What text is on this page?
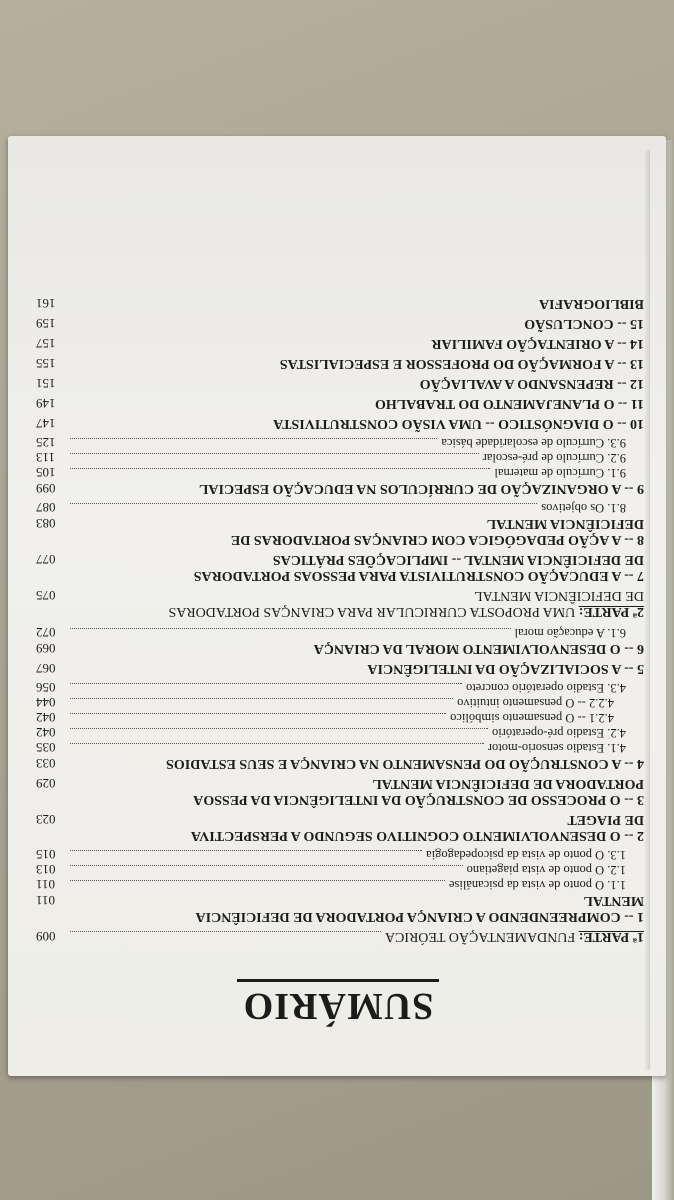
SUMÁRIO
1ª PARTE: FUNDAMENTAÇÃO TEÓRICA
009
1 -- COMPREENDENDO A CRIANÇA PORTADORA DE DEFICIÊNCIA
MENTAL
011
1.1. O ponto de vista da psicanálise
011
1.2. O ponto de vista piagetiano
013
1.3. O ponto de vista da psicopedagogia
015
2 -- O DESENVOLVIMENTO COGNITIVO SEGUNDO A PERSPECTIVA
DE PIAGET
023
3 -- O PROCESSO DE CONSTRUÇÃO DA INTELIGÊNCIA DA PESSOA
PORTADORA DE DEFICIÊNCIA MENTAL
029
4 -- A CONSTRUÇÃO DO PENSAMENTO NA CRIANÇA E SEUS ESTADIOS
033
4.1. Estadio sensorio-motor
035
4.2. Estadio pré-operatório
042
4.2.1 -- O pensamento simbólico
042
4.2.2 -- O pensamento intuitivo
044
4.3. Estadio operatório concreto
056
5 -- A SOCIALIZAÇÃO DA INTELIGÊNCIA
067
6 -- O DESENVOLVIMENTO MORAL DA CRIANÇA
069
6.1. A educação moral
072
2ª PARTE: UMA PROPOSTA CURRICULAR PARA CRIANÇAS PORTADORAS
DE DEFICIÊNCIA MENTAL
075
7 -- A EDUCAÇÃO CONSTRUTIVISTA PARA PESSOAS PORTADORAS
DE DEFICIÊNCIA MENTAL -- IMPLICAÇÕES PRÁTICAS
077
8 -- A AÇÃO PEDAGÓGICA COM CRIANÇAS PORTADORAS DE
DEFICIÊNCIA MENTAL
083
8.1. Os objetivos
087
9 -- A ORGANIZAÇÃO DE CURRÍCULOS NA EDUCAÇÃO ESPECIAL
099
9.1. Currículo de maternal
105
9.2. Currículo de pré-escolar
113
9.3. Currículo de escolaridade básica
125
10 -- O DIAGNÓSTICO -- UMA VISÃO CONSTRUTIVISTA
147
11 -- O PLANEJAMENTO DO TRABALHO
149
12 -- REPENSANDO A AVALIAÇÃO
151
13 -- A FORMAÇÃO DO PROFESSOR E ESPECIALISTAS
155
14 -- A ORIENTAÇÃO FAMILIAR
157
15 -- CONCLUSÃO
159
BIBLIOGRAFIA
161
